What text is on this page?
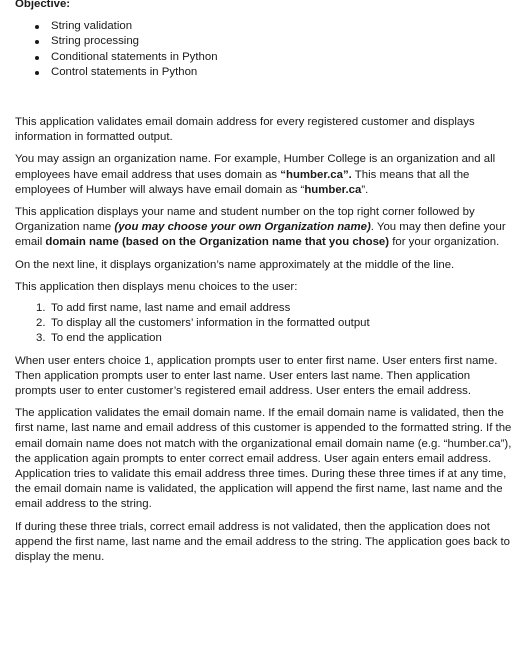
Objective:

String validation
String processing
Conditional statements in Python
Control statements in Python

This application validates email domain address for every registered customer and displays information in formatted output.

You may assign an organization name. For example, Humber College is an organization and all employees have email address that uses domain as “humber.ca”. This means that all the employees of Humber will always have email domain as “humber.ca”.

This application displays your name and student number on the top right corner followed by Organization name (you may choose your own Organization name). You may then define your email domain name (based on the Organization name that you chose) for your organization.

On the next line, it displays organization’s name approximately at the middle of the line.

This application then displays menu choices to the user:

1. To add first name, last name and email address
2. To display all the customers’ information in the formatted output
3. To end the application

When user enters choice 1, application prompts user to enter first name. User enters first name. Then application prompts user to enter last name. User enters last name. Then application prompts user to enter customer’s registered email address. User enters the email address.

The application validates the email domain name. If the email domain name is validated, then the first name, last name and email address of this customer is appended to the formatted string. If the email domain name does not match with the organizational email domain name (e.g. “humber.ca”), the application again prompts to enter correct email address. User again enters email address. Application tries to validate this email address three times. During these three times if at any time, the email domain name is validated, the application will append the first name, last name and the email address to the string.

If during these three trials, correct email address is not validated, then the application does not append the first name, last name and the email address to the string. The application goes back to display the menu.
